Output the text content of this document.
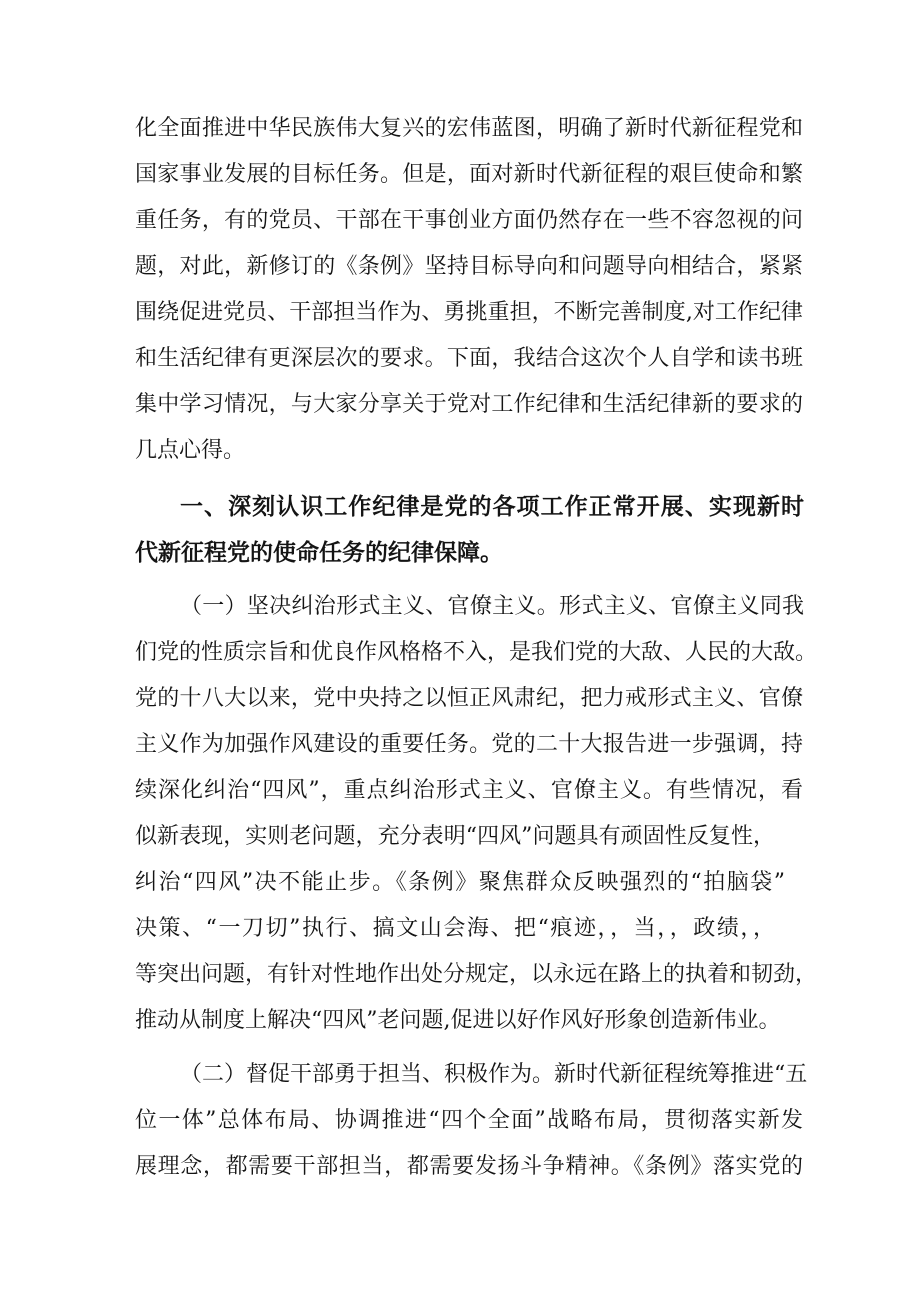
化全面推进中华民族伟大复兴的宏伟蓝图，明确了新时代新征程党和
国家事业发展的目标任务。但是，面对新时代新征程的艰巨使命和繁
重任务，有的党员、干部在干事创业方面仍然存在一些不容忽视的问
题，对此，新修订的《条例》坚持目标导向和问题导向相结合，紧紧
围绕促进党员、干部担当作为、勇挑重担，不断完善制度,对工作纪律
和生活纪律有更深层次的要求。下面，我结合这次个人自学和读书班
集中学习情况，与大家分享关于党对工作纪律和生活纪律新的要求的
几点心得。
一、深刻认识工作纪律是党的各项工作正常开展、实现新时
代新征程党的使命任务的纪律保障。
（一）坚决纠治形式主义、官僚主义。形式主义、官僚主义同我
们党的性质宗旨和优良作风格格不入，是我们党的大敌、人民的大敌。
党的十八大以来，党中央持之以恒正风肃纪，把力戒形式主义、官僚
主义作为加强作风建设的重要任务。党的二十大报告进一步强调，持
续深化纠治“四风”，重点纠治形式主义、官僚主义。有些情况，看
似新表现，实则老问题，充分表明“四风”问题具有顽固性反复性，
纠治“四风”决不能止步。《条例》聚焦群众反映强烈的“拍脑袋”
决策、“一刀切”执行、搞文山会海、把“痕迹，，当，，政绩，，
等突出问题，有针对性地作出处分规定，以永远在路上的执着和韧劲，
推动从制度上解决“四风”老问题,促进以好作风好形象创造新伟业。
（二）督促干部勇于担当、积极作为。新时代新征程统筹推进“五
位一体”总体布局、协调推进“四个全面”战略布局，贯彻落实新发
展理念，都需要干部担当，都需要发扬斗争精神。《条例》落实党的
